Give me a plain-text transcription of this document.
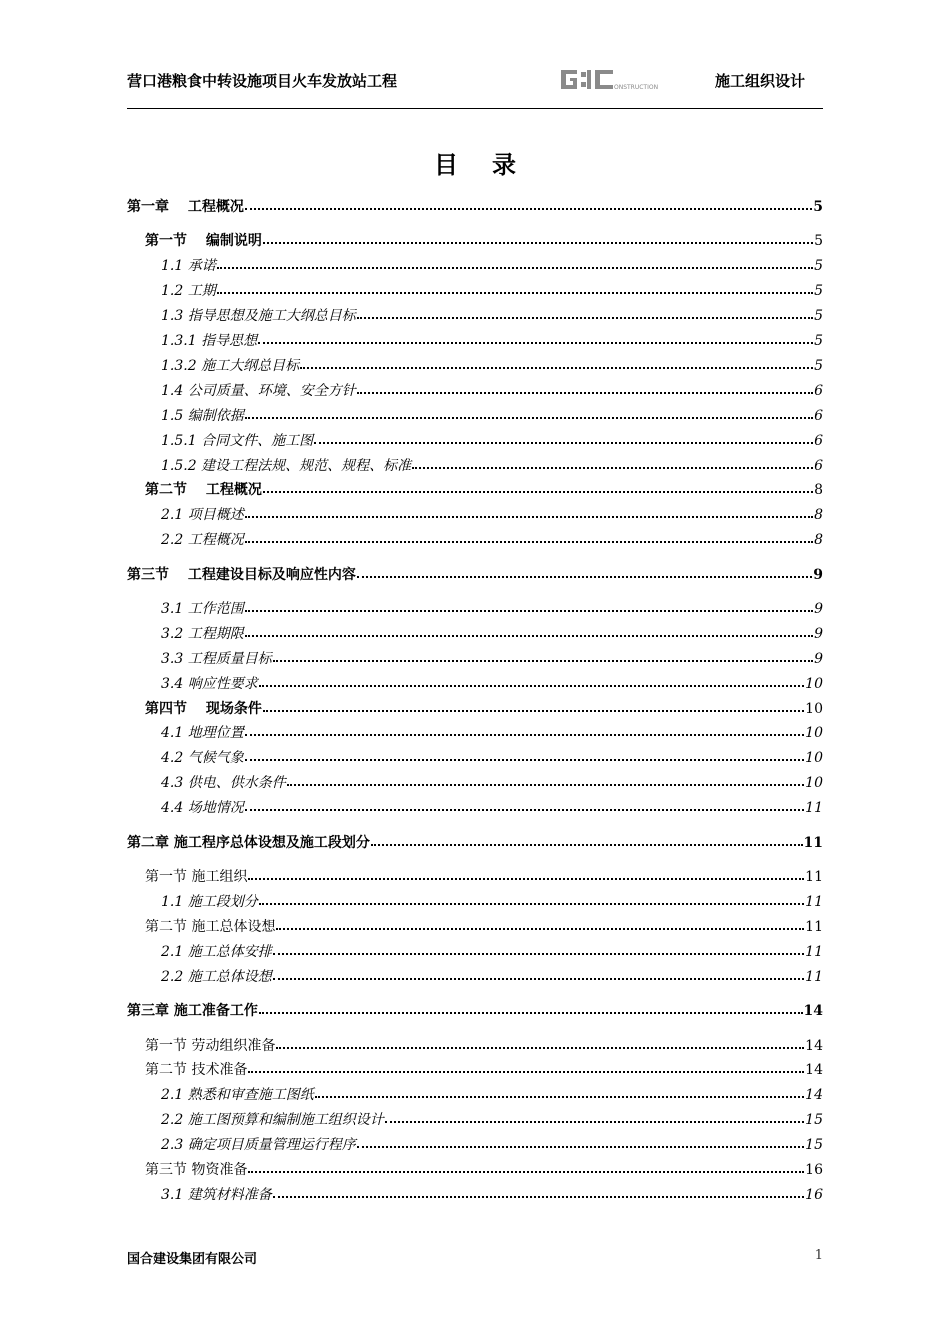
营口港粮食中转设施项目火车发放站工程	ONSTRUCTION	施工组织设计
目 录
第一章　 工程概况	5
第一节　 编制说明	5
1.1 承诺	5
1.2 工期	5
1.3 指导思想及施工大纲总目标	5
1.3.1 指导思想	5
1.3.2 施工大纲总目标	5
1.4 公司质量、环境、安全方针	6
1.5 编制依据	6
1.5.1 合同文件、施工图	6
1.5.2 建设工程法规、规范、规程、标准	6
第二节　 工程概况	8
2.1 项目概述	8
2.2 工程概况	8
第三节　 工程建设目标及响应性内容	9
3.1 工作范围	9
3.2 工程期限	9
3.3 工程质量目标	9
3.4 响应性要求	10
第四节　 现场条件	10
4.1 地理位置	10
4.2 气候气象	10
4.3 供电、供水条件	10
4.4 场地情况	11
第二章 施工程序总体设想及施工段划分	11
第一节 施工组织	11
1.1 施工段划分	11
第二节 施工总体设想	11
2.1 施工总体安排	11
2.2 施工总体设想	11
第三章 施工准备工作	14
第一节 劳动组织准备	14
第二节 技术准备	14
2.1 熟悉和审查施工图纸	14
2.2 施工图预算和编制施工组织设计	15
2.3 确定项目质量管理运行程序	15
第三节 物资准备	16
3.1 建筑材料准备	16
国合建设集团有限公司	1
